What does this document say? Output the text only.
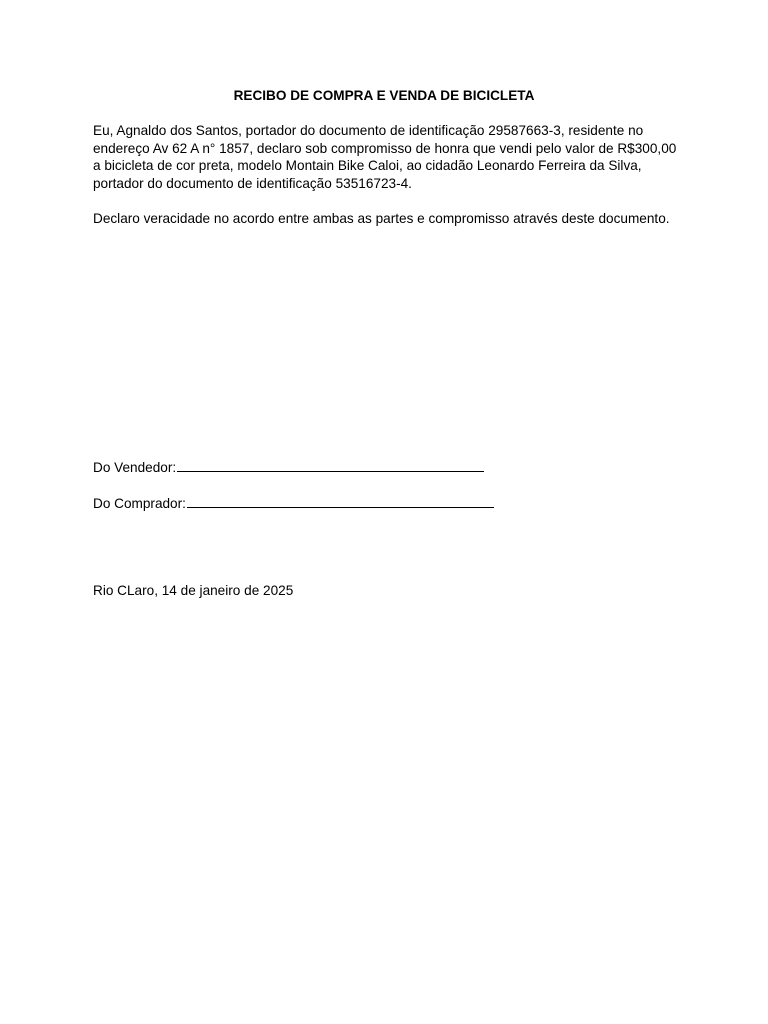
RECIBO DE COMPRA E VENDA DE BICICLETA

Eu, Agnaldo dos Santos, portador do documento de identificação 29587663-3, residente no endereço Av 62 A n° 1857, declaro sob compromisso de honra que vendi pelo valor de R$300,00 a bicicleta de cor preta, modelo Montain Bike Caloi, ao cidadão Leonardo Ferreira da Silva, portador do documento de identificação 53516723-4.

Declaro veracidade no acordo entre ambas as partes e compromisso através deste documento.

Do Vendedor:
Do Comprador:

Rio CLaro, 14 de janeiro de 2025
